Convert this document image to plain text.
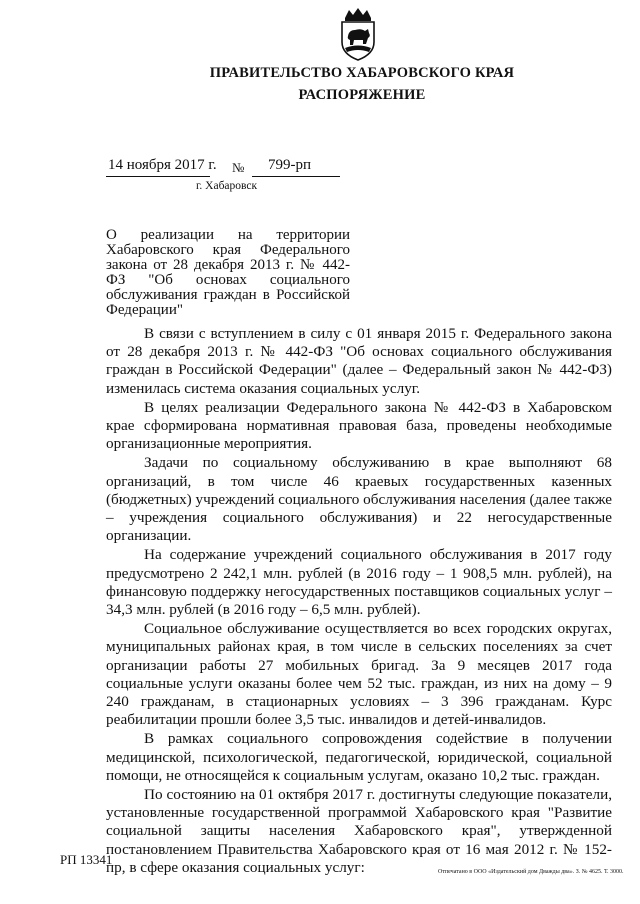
ПРАВИТЕЛЬСТВО ХАБАРОВСКОГО КРАЯ
РАСПОРЯЖЕНИЕ
14 ноября 2017 г. № 799-рп
г. Хабаровск
О реализации на территории Хабаровского края Федерального закона от 28 декабря 2013 г. № 442-ФЗ "Об основах социального обслуживания граждан в Российской Федерации"

В связи с вступлением в силу с 01 января 2015 г. Федерального закона от 28 декабря 2013 г. № 442-ФЗ "Об основах социального обслуживания граждан в Российской Федерации" (далее – Федеральный закон № 442-ФЗ) изменилась система оказания социальных услуг.

В целях реализации Федерального закона № 442-ФЗ в Хабаровском крае сформирована нормативная правовая база, проведены необходимые организационные мероприятия.

Задачи по социальному обслуживанию в крае выполняют 68 организаций, в том числе 46 краевых государственных казенных (бюджетных) учреждений социального обслуживания населения (далее также – учреждения социального обслуживания) и 22 негосударственные организации.

На содержание учреждений социального обслуживания в 2017 году предусмотрено 2 242,1 млн. рублей (в 2016 году – 1 908,5 млн. рублей), на финансовую поддержку негосударственных поставщиков социальных услуг – 34,3 млн. рублей (в 2016 году – 6,5 млн. рублей).

Социальное обслуживание осуществляется во всех городских округах, муниципальных районах края, в том числе в сельских поселениях за счет организации работы 27 мобильных бригад. За 9 месяцев 2017 года социальные услуги оказаны более чем 52 тыс. граждан, из них на дому – 9 240 гражданам, в стационарных условиях – 3 396 гражданам. Курс реабилитации прошли более 3,5 тыс. инвалидов и детей-инвалидов.

В рамках социального сопровождения содействие в получении медицинской, психологической, педагогической, юридической, социальной помощи, не относящейся к социальным услугам, оказано 10,2 тыс. граждан.

По состоянию на 01 октября 2017 г. достигнуты следующие показатели, установленные государственной программой Хабаровского края "Развитие социальной защиты населения Хабаровского края", утвержденной постановлением Правительства Хабаровского края от 16 мая 2012 г. № 152-пр, в сфере оказания социальных услуг:

РП 13341
Отпечатано в ООО «Издательский дом Дважды два». З. № 4625. Т. 3000.
